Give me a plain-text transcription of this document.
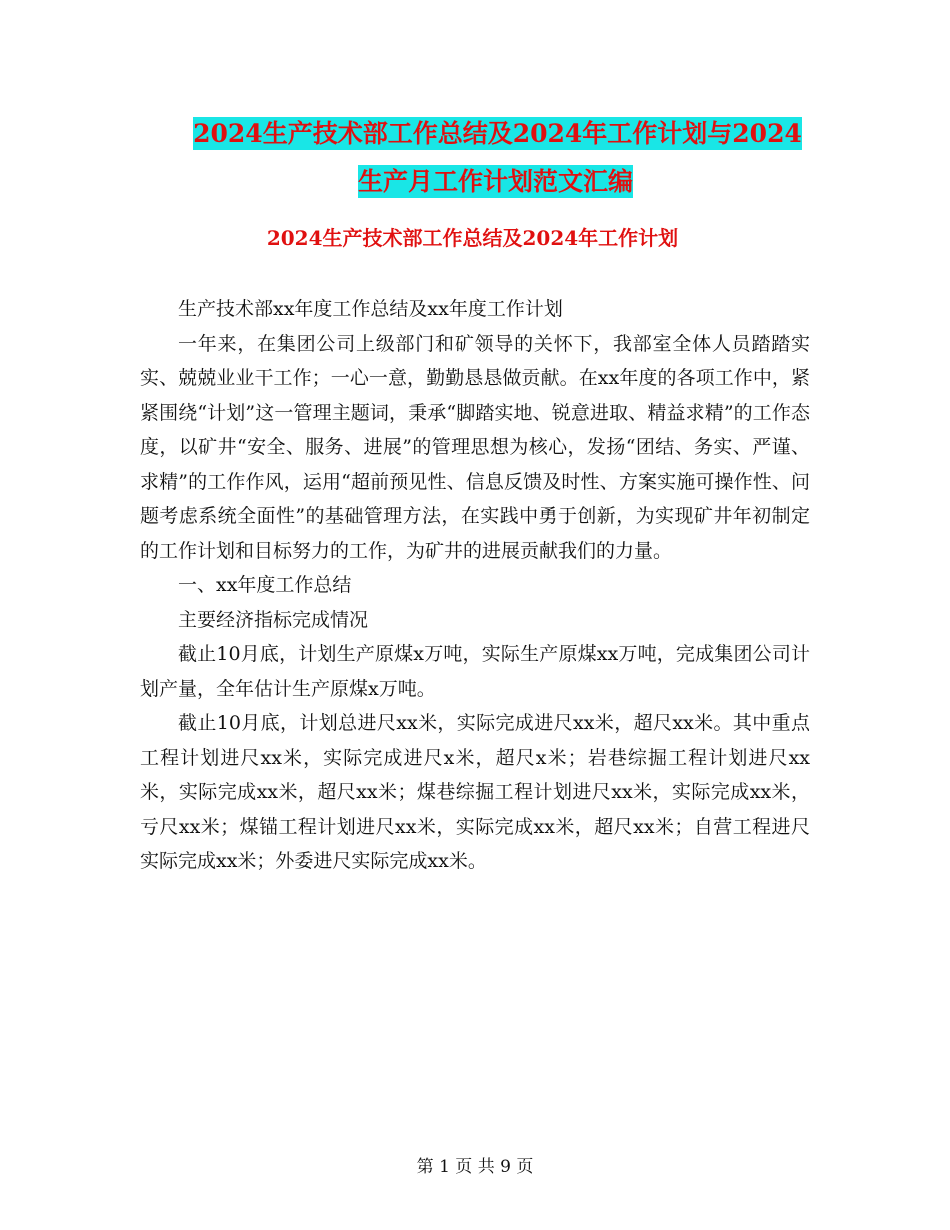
2024生产技术部工作总结及2024年工作计划与2024
生产月工作计划范文汇编
2024生产技术部工作总结及2024年工作计划

生产技术部xx年度工作总结及xx年度工作计划

一年来，在集团公司上级部门和矿领导的关怀下，我部室全体人员踏踏实实、兢兢业业干工作；一心一意，勤勤恳恳做贡献。在xx年度的各项工作中，紧紧围绕“计划”这一管理主题词，秉承“脚踏实地、锐意进取、精益求精”的工作态度，以矿井“安全、服务、进展”的管理思想为核心，发扬“团结、务实、严谨、求精”的工作作风，运用“超前预见性、信息反馈及时性、方案实施可操作性、问题考虑系统全面性”的基础管理方法，在实践中勇于创新，为实现矿井年初制定的工作计划和目标努力的工作，为矿井的进展贡献我们的力量。

一、xx年度工作总结

主要经济指标完成情况

截止10月底，计划生产原煤x万吨，实际生产原煤xx万吨，完成集团公司计划产量，全年估计生产原煤x万吨。

截止10月底，计划总进尺xx米，实际完成进尺xx米，超尺xx米。其中重点工程计划进尺xx米，实际完成进尺x米，超尺x米；岩巷综掘工程计划进尺xx米，实际完成xx米，超尺xx米；煤巷综掘工程计划进尺xx米，实际完成xx米，亏尺xx米；煤锚工程计划进尺xx米，实际完成xx米，超尺xx米；自营工程进尺实际完成xx米；外委进尺实际完成xx米。

第 1 页 共 9 页
